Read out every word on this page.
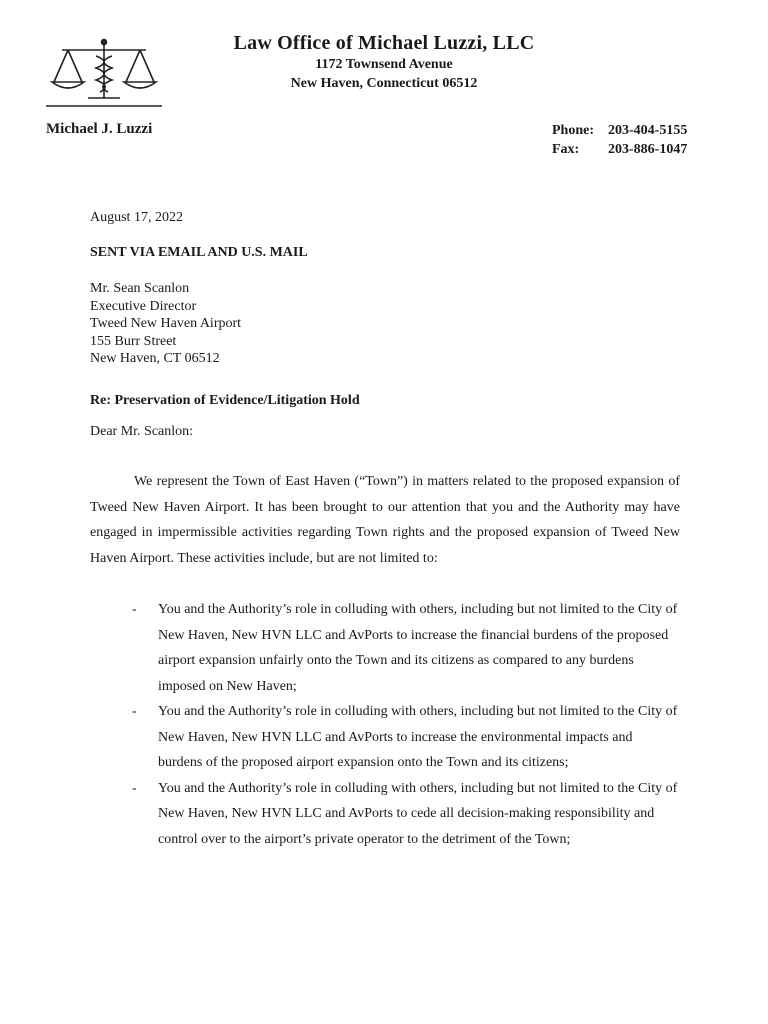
Law Office of Michael Luzzi, LLC
1172 Townsend Avenue
New Haven, Connecticut 06512
Michael J. Luzzi	Phone: 203-404-5155
Fax: 203-886-1047
August 17, 2022
SENT VIA EMAIL AND U.S. MAIL
Mr. Sean Scanlon
Executive Director
Tweed New Haven Airport
155 Burr Street
New Haven, CT 06512
Re: Preservation of Evidence/Litigation Hold
Dear Mr. Scanlon:

We represent the Town of East Haven (“Town”) in matters related to the proposed expansion of Tweed New Haven Airport. It has been brought to our attention that you and the Authority may have engaged in impermissible activities regarding Town rights and the proposed expansion of Tweed New Haven Airport. These activities include, but are not limited to:

- You and the Authority’s role in colluding with others, including but not limited to the City of New Haven, New HVN LLC and AvPorts to increase the financial burdens of the proposed airport expansion unfairly onto the Town and its citizens as compared to any burdens imposed on New Haven;
- You and the Authority’s role in colluding with others, including but not limited to the City of New Haven, New HVN LLC and AvPorts to increase the environmental impacts and burdens of the proposed airport expansion onto the Town and its citizens;
- You and the Authority’s role in colluding with others, including but not limited to the City of New Haven, New HVN LLC and AvPorts to cede all decision-making responsibility and control over to the airport’s private operator to the detriment of the Town;
